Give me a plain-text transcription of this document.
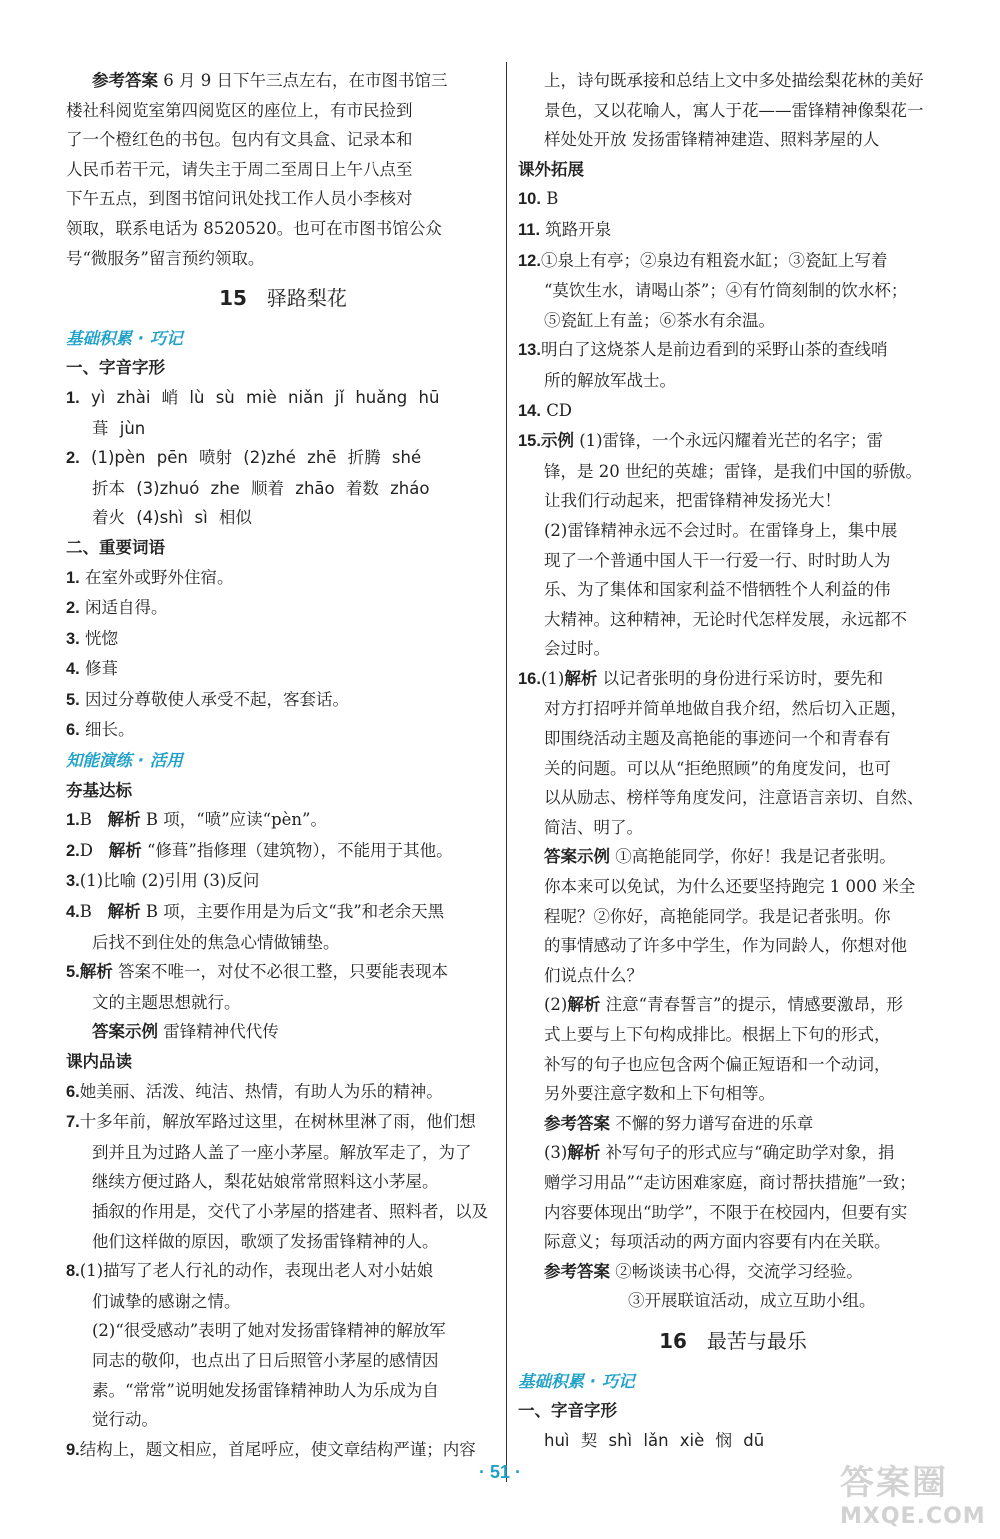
参考答案 6 月 9 日下午三点左右，在市图书馆三
楼社科阅览室第四阅览区的座位上，有市民捡到
了一个橙红色的书包。包内有文具盒、记录本和
人民币若干元，请失主于周二至周日上午八点至
下午五点，到图书馆问讯处找工作人员小李核对
领取，联系电话为 8520520。也可在市图书馆公众
号“微服务”留言预约领取。
15 驿路梨花
基础积累 · 巧记
一、字音字形
1. yì zhài 峭 lù sù miè niǎn jǐ huǎng hū
葺 jùn
2. (1)pèn pēn 喷射 (2)zhé zhē 折腾 shé
折本 (3)zhuó zhe 顺着 zhāo 着数 zháo
着火 (4)shì sì 相似
二、重要词语
1. 在室外或野外住宿。
2. 闲适自得。
3. 恍惚
4. 修葺
5. 因过分尊敬使人承受不起，客套话。
6. 细长。
知能演练 · 活用
夯基达标
1.B 解析 B 项，“喷”应读“pèn”。
2.D 解析 “修葺”指修理（建筑物），不能用于其他。
3.(1)比喻 (2)引用 (3)反问
4.B 解析 B 项，主要作用是为后文“我”和老余天黑
后找不到住处的焦急心情做铺垫。
5.解析 答案不唯一，对仗不必很工整，只要能表现本
文的主题思想就行。
答案示例 雷锋精神代代传
课内品读
6.她美丽、活泼、纯洁、热情，有助人为乐的精神。
7.十多年前，解放军路过这里，在树林里淋了雨，他们想
到并且为过路人盖了一座小茅屋。解放军走了，为了
继续方便过路人，梨花姑娘常常照料这小茅屋。
插叙的作用是，交代了小茅屋的搭建者、照料者，以及
他们这样做的原因，歌颂了发扬雷锋精神的人。
8.(1)描写了老人行礼的动作，表现出老人对小姑娘
们诚挚的感谢之情。
(2)“很受感动”表明了她对发扬雷锋精神的解放军
同志的敬仰，也点出了日后照管小茅屋的感情因
素。“常常”说明她发扬雷锋精神助人为乐成为自
觉行动。
9.结构上，题文相应，首尾呼应，使文章结构严谨；内容
上，诗句既承接和总结上文中多处描绘梨花林的美好
景色，又以花喻人，寓人于花——雷锋精神像梨花一
样处处开放 发扬雷锋精神建造、照料茅屋的人
课外拓展
10. B
11. 筑路开泉
12.①泉上有亭；②泉边有粗瓷水缸；③瓷缸上写着
“莫饮生水，请喝山茶”；④有竹筒刻制的饮水杯；
⑤瓷缸上有盖；⑥茶水有余温。
13.明白了这烧茶人是前边看到的采野山茶的查线哨
所的解放军战士。
14. CD
15.示例 (1)雷锋，一个永远闪耀着光芒的名字；雷
锋，是 20 世纪的英雄；雷锋，是我们中国的骄傲。
让我们行动起来，把雷锋精神发扬光大！
(2)雷锋精神永远不会过时。在雷锋身上，集中展
现了一个普通中国人干一行爱一行、时时助人为
乐、为了集体和国家利益不惜牺牲个人利益的伟
大精神。这种精神，无论时代怎样发展，永远都不
会过时。
16.(1)解析 以记者张明的身份进行采访时，要先和
对方打招呼并简单地做自我介绍，然后切入正题，
即围绕活动主题及高艳能的事迹问一个和青春有
关的问题。可以从“拒绝照顾”的角度发问，也可
以从励志、榜样等角度发问，注意语言亲切、自然、
简洁、明了。
答案示例 ①高艳能同学，你好！我是记者张明。
你本来可以免试，为什么还要坚持跑完 1 000 米全
程呢？②你好，高艳能同学。我是记者张明。你
的事情感动了许多中学生，作为同龄人，你想对他
们说点什么？
(2)解析 注意“青春誓言”的提示，情感要激昂，形
式上要与上下句构成排比。根据上下句的形式，
补写的句子也应包含两个偏正短语和一个动词，
另外要注意字数和上下句相等。
参考答案 不懈的努力谱写奋进的乐章
(3)解析 补写句子的形式应与“确定助学对象，捐
赠学习用品”“走访困难家庭，商讨帮扶措施”一致；
内容要体现出“助学”，不限于在校园内，但要有实
际意义；每项活动的两方面内容要有内在关联。
参考答案 ②畅谈读书心得，交流学习经验。
③开展联谊活动，成立互助小组。
16 最苦与最乐
基础积累 · 巧记
一、字音字形
huì 契 shì lǎn xiè 悯 dū
· 51 ·	答案圈
MXQE.COM
